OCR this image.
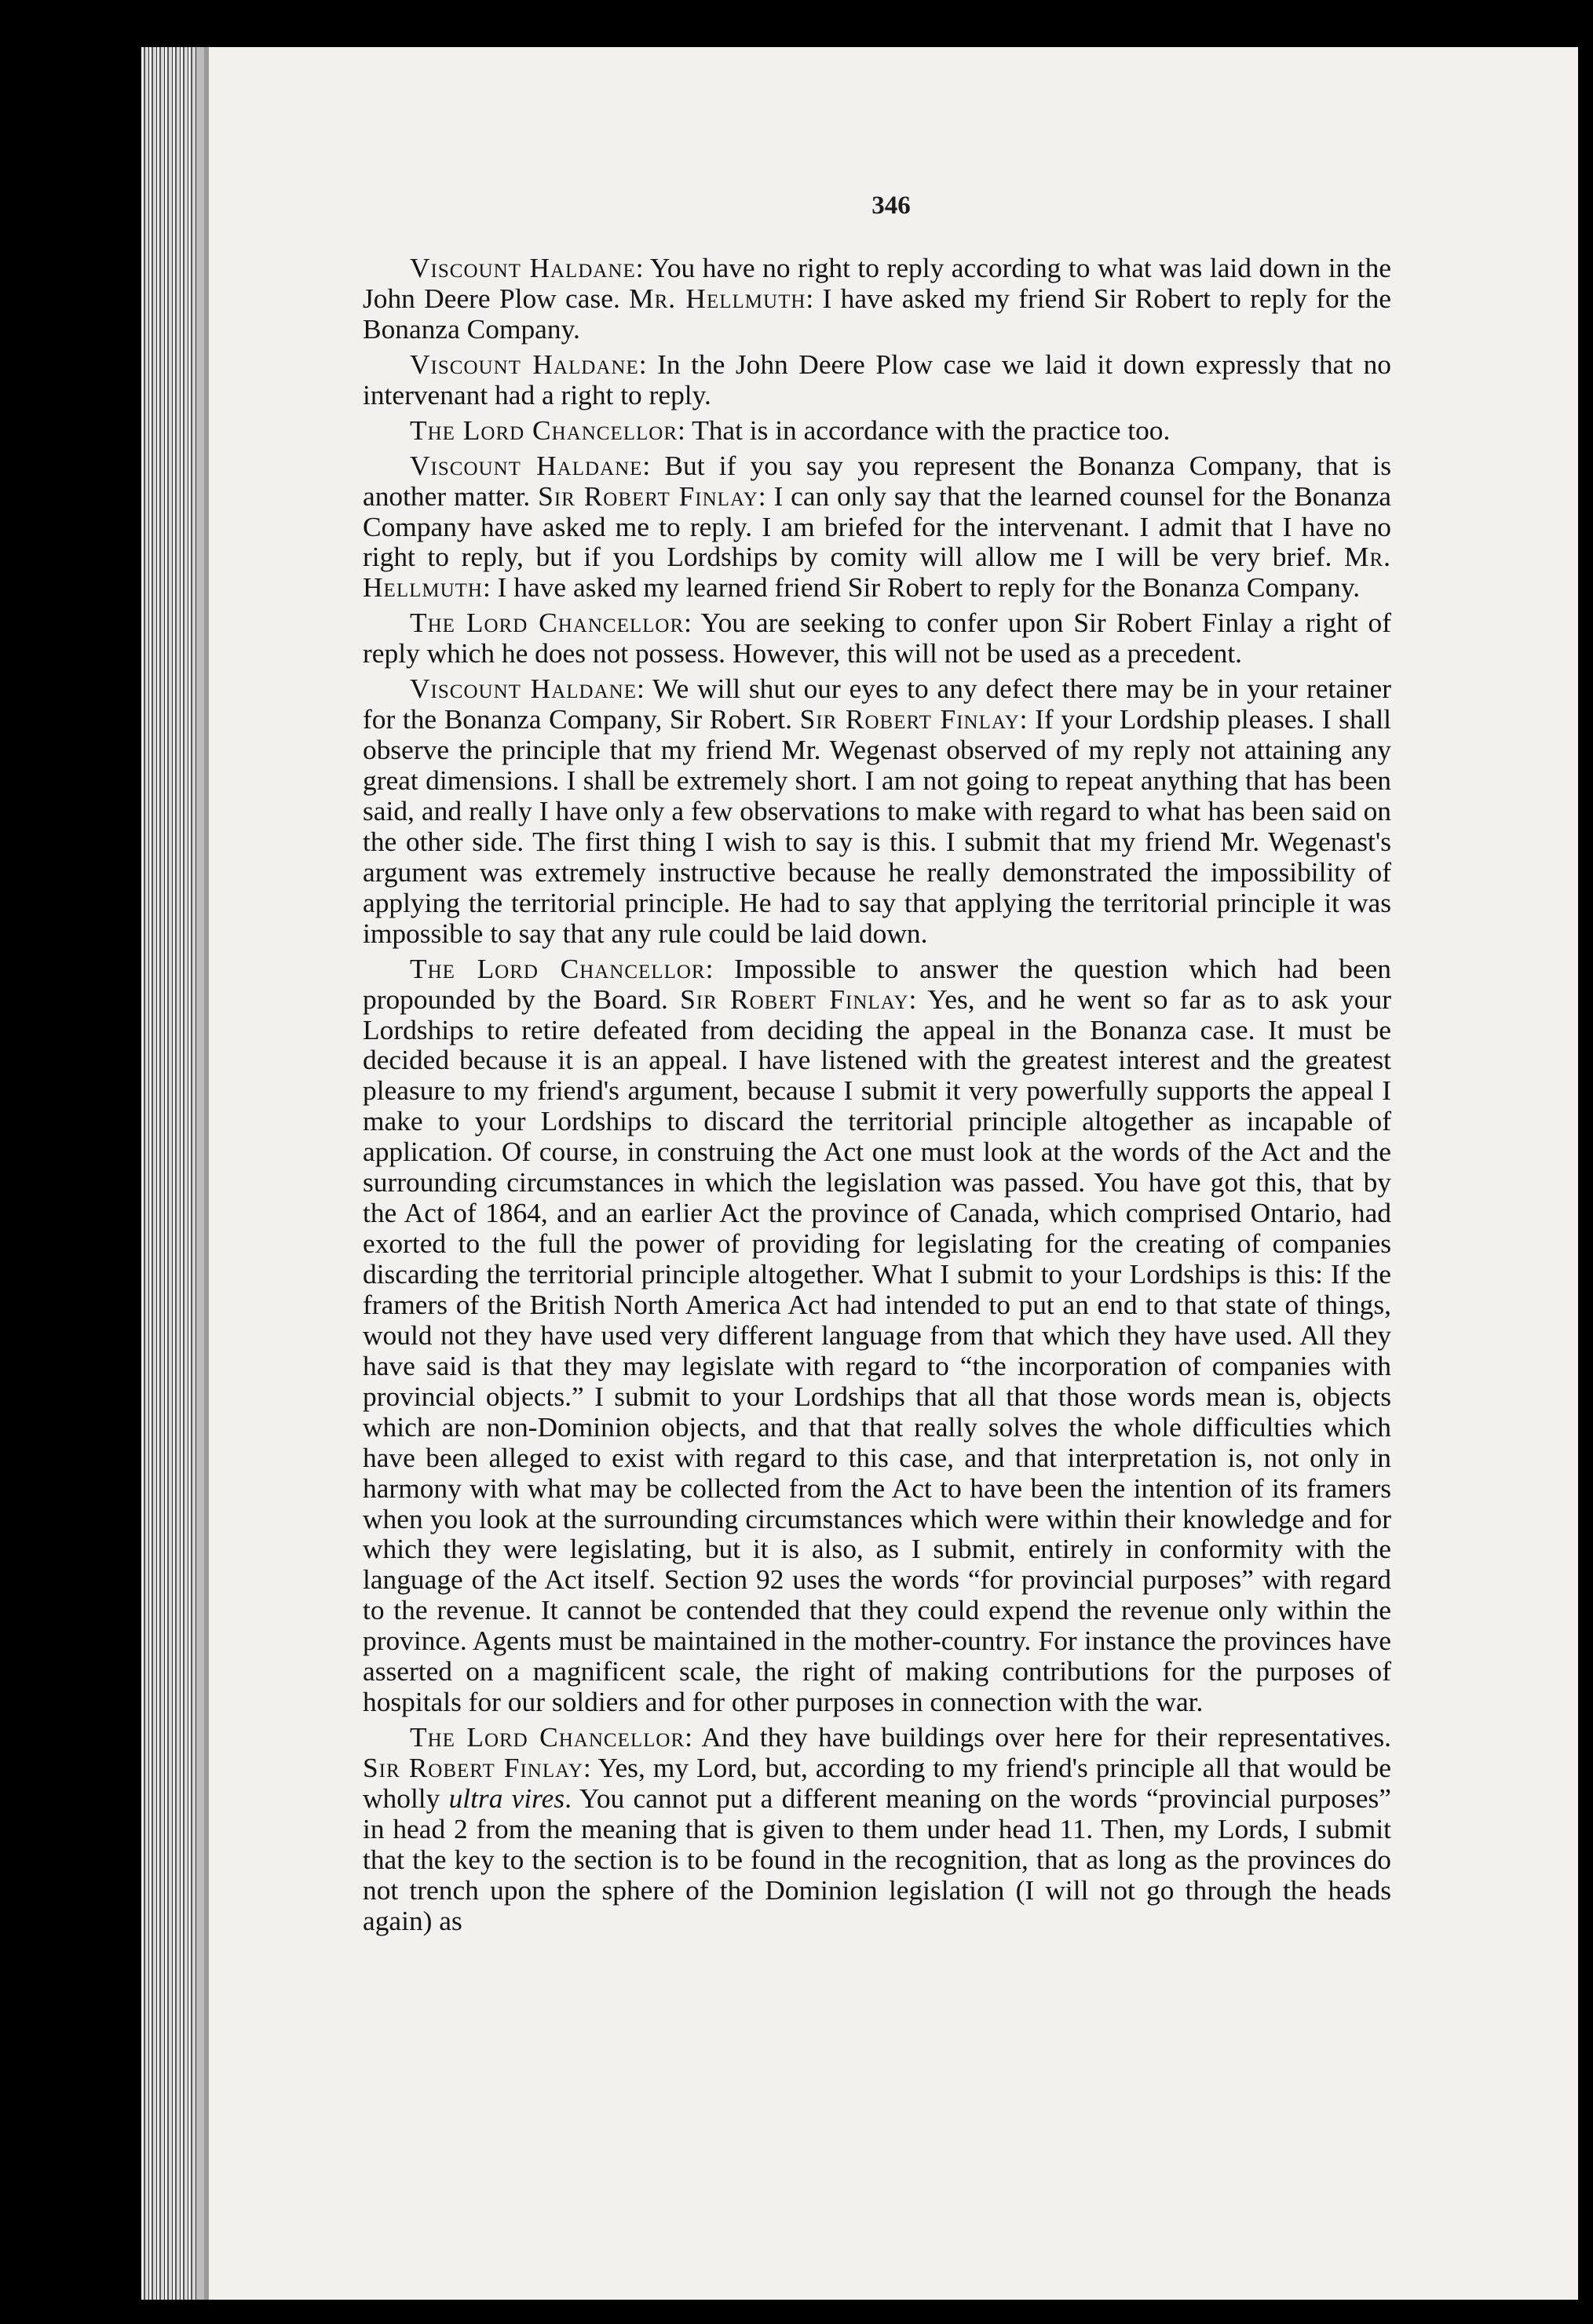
346

Viscount Haldane: You have no right to reply according to what was laid down in the John Deere Plow case. Mr. Hellmuth: I have asked my friend Sir Robert to reply for the Bonanza Company.

Viscount Haldane: In the John Deere Plow case we laid it down expressly that no intervenant had a right to reply.

The Lord Chancellor: That is in accordance with the practice too.

Viscount Haldane: But if you say you represent the Bonanza Company, that is another matter. Sir Robert Finlay: I can only say that the learned counsel for the Bonanza Company have asked me to reply. I am briefed for the intervenant. I admit that I have no right to reply, but if you Lordships by comity will allow me I will be very brief. Mr. Hellmuth: I have asked my learned friend Sir Robert to reply for the Bonanza Company.

The Lord Chancellor: You are seeking to confer upon Sir Robert Finlay a right of reply which he does not possess. However, this will not be used as a precedent.

Viscount Haldane: We will shut our eyes to any defect there may be in your retainer for the Bonanza Company, Sir Robert. Sir Robert Finlay: If your Lordship pleases. I shall observe the principle that my friend Mr. Wegenast observed of my reply not attaining any great dimensions. I shall be extremely short. I am not going to repeat anything that has been said, and really I have only a few observations to make with regard to what has been said on the other side. The first thing I wish to say is this. I submit that my friend Mr. Wegenast's argument was extremely instructive because he really demonstrated the impossibility of applying the territorial principle. He had to say that applying the territorial principle it was impossible to say that any rule could be laid down.

The Lord Chancellor: Impossible to answer the question which had been propounded by the Board. Sir Robert Finlay: Yes, and he went so far as to ask your Lordships to retire defeated from deciding the appeal in the Bonanza case. It must be decided because it is an appeal. I have listened with the greatest interest and the greatest pleasure to my friend's argument, because I submit it very powerfully supports the appeal I make to your Lordships to discard the territorial principle altogether as incapable of application. Of course, in construing the Act one must look at the words of the Act and the surrounding circumstances in which the legislation was passed. You have got this, that by the Act of 1864, and an earlier Act the province of Canada, which comprised Ontario, had exorted to the full the power of providing for legislating for the creating of companies discarding the territorial principle altogether. What I submit to your Lordships is this: If the framers of the British North America Act had intended to put an end to that state of things, would not they have used very different language from that which they have used. All they have said is that they may legislate with regard to “the incorporation of companies with provincial objects.” I submit to your Lordships that all that those words mean is, objects which are non-Dominion objects, and that that really solves the whole difficulties which have been alleged to exist with regard to this case, and that interpretation is, not only in harmony with what may be collected from the Act to have been the intention of its framers when you look at the surrounding circumstances which were within their knowledge and for which they were legislating, but it is also, as I submit, entirely in conformity with the language of the Act itself. Section 92 uses the words “for provincial purposes” with regard to the revenue. It cannot be contended that they could expend the revenue only within the province. Agents must be maintained in the mother-country. For instance the provinces have asserted on a magnificent scale, the right of making contributions for the purposes of hospitals for our soldiers and for other purposes in connection with the war.

The Lord Chancellor: And they have buildings over here for their representatives. Sir Robert Finlay: Yes, my Lord, but, according to my friend's principle all that would be wholly ultra vires. You cannot put a different meaning on the words “provincial purposes” in head 2 from the meaning that is given to them under head 11. Then, my Lords, I submit that the key to the section is to be found in the recognition, that as long as the provinces do not trench upon the sphere of the Dominion legislation (I will not go through the heads again) as
